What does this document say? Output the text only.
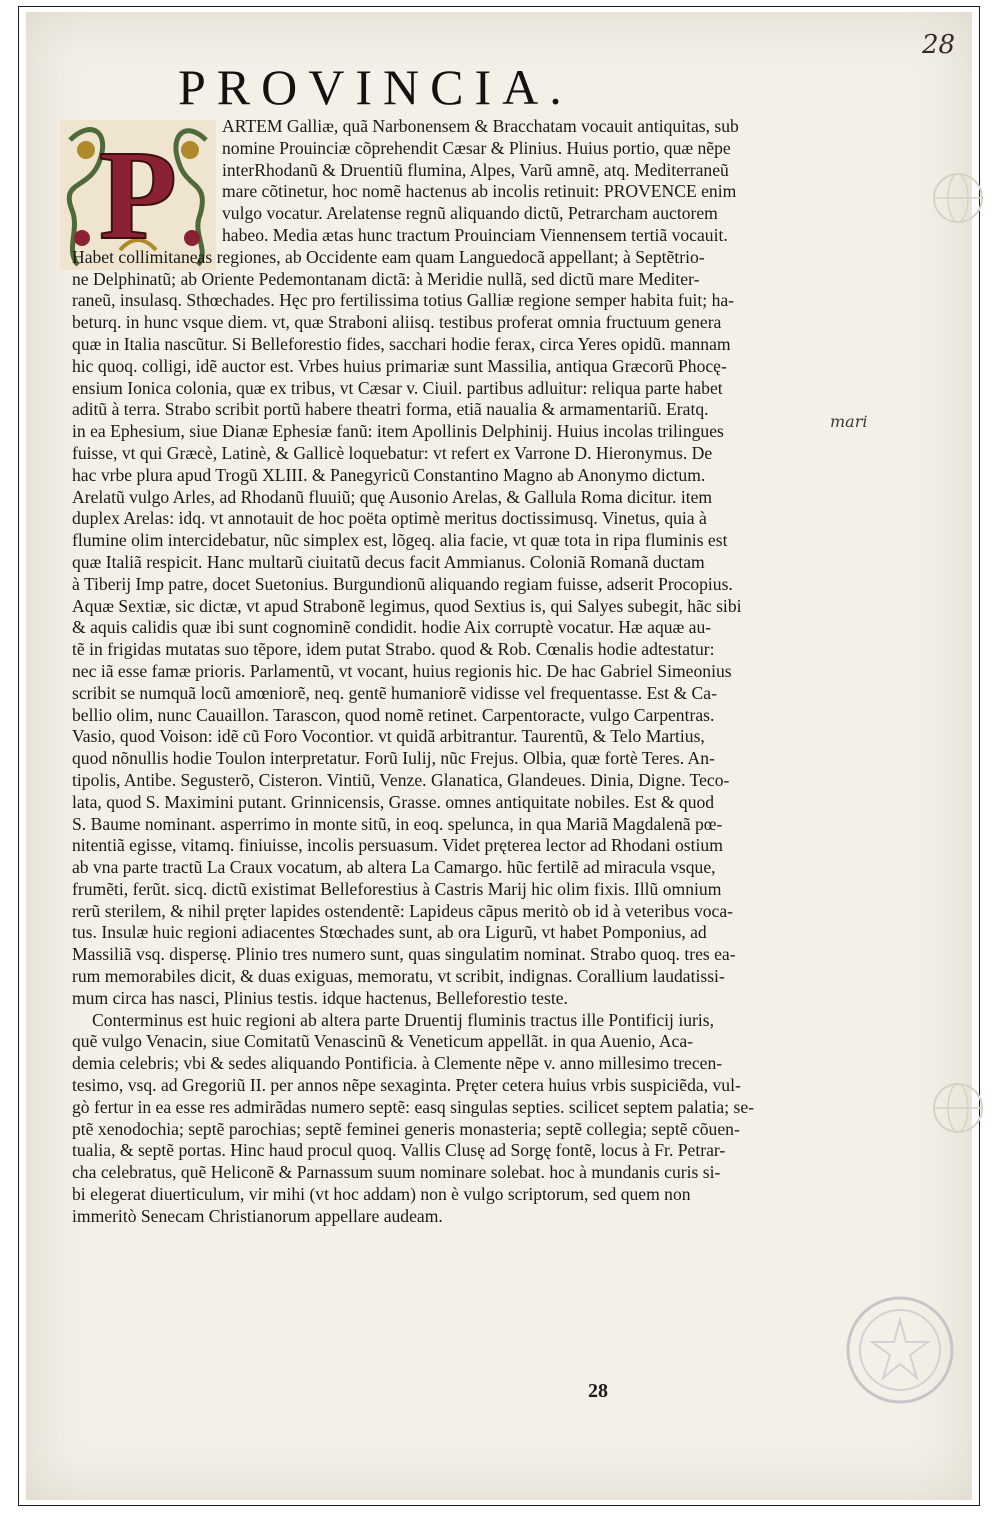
28
PROVINCIA.
P	ARTEM Galliæ, quã Narbonensem & Bracchatam vocauit antiquitas, sub
nomine Prouinciæ cõprehendit Cæsar & Plinius. Huius portio, quæ nẽpe
interRhodanũ & Druentiũ flumina, Alpes, Varũ amnẽ, atq. Mediterraneũ
mare cõtinetur, hoc nomẽ hactenus ab incolis retinuit: PROVENCE enim
vulgo vocatur. Arelatense regnũ aliquando dictũ, Petrarcham auctorem
habeo. Media ætas hunc tractum Prouinciam Viennensem tertiã vocauit.
Habet collimitaneas regiones, ab Occidente eam quam Languedocã appellant; à Septẽtrio-
ne Delphinatũ; ab Oriente Pedemontanam dictã: à Meridie nullã, sed dictũ mare Mediter-
raneũ, insulasq. Sthœchades. Hęc pro fertilissima totius Galliæ regione semper habita fuit; ha-
beturq. in hunc vsque diem. vt, quæ Straboni aliisq. testibus proferat omnia fructuum genera
quæ in Italia nascũtur. Si Belleforestio fides, sacchari hodie ferax, circa Yeres opidũ. mannam
hic quoq. colligi, idẽ auctor est. Vrbes huius primariæ sunt Massilia, antiqua Græcorũ Phocę-
ensium Ionica colonia, quæ ex tribus, vt Cæsar v. Ciuil. partibus adluitur: reliqua parte habet
aditũ à terra. Strabo scribit portũ habere theatri forma, etiã naualia & armamentariũ. Eratq.
in ea Ephesium, siue Dianæ Ephesiæ fanũ: item Apollinis Delphinij. Huius incolas trilingues
fuisse, vt qui Græcè, Latinè, & Gallicè loquebatur: vt refert ex Varrone D. Hieronymus. De
hac vrbe plura apud Trogũ XLIII. & Panegyricũ Constantino Magno ab Anonymo dictum.
Arelatũ vulgo Arles, ad Rhodanũ fluuiũ; quę Ausonio Arelas, & Gallula Roma dicitur. item
duplex Arelas: idq. vt annotauit de hoc poëta optimè meritus doctissimusq. Vinetus, quia à
flumine olim intercidebatur, nũc simplex est, lõgeq. alia facie, vt quæ tota in ripa fluminis est
quæ Italiã respicit. Hanc multarũ ciuitatũ decus facit Ammianus. Coloniã Romanã ductam
à Tiberij Imp patre, docet Suetonius. Burgundionũ aliquando regiam fuisse, adserit Procopius.
Aquæ Sextiæ, sic dictæ, vt apud Strabonẽ legimus, quod Sextius is, qui Salyes subegit, hãc sibi
& aquis calidis quæ ibi sunt cognominẽ condidit. hodie Aix corruptè vocatur. Hæ aquæ au-
tẽ in frigidas mutatas suo tẽpore, idem putat Strabo. quod & Rob. Cœnalis hodie adtestatur:
nec iã esse famæ prioris. Parlamentũ, vt vocant, huius regionis hic. De hac Gabriel Simeonius
scribit se numquã locũ amœniorẽ, neq. gentẽ humaniorẽ vidisse vel frequentasse. Est & Ca-
bellio olim, nunc Cauaillon. Tarascon, quod nomẽ retinet. Carpentoracte, vulgo Carpentras.
Vasio, quod Voison: idẽ cũ Foro Vocontior. vt quidã arbitrantur. Taurentũ, & Telo Martius,
quod nõnullis hodie Toulon interpretatur. Forũ Iulij, nũc Frejus. Olbia, quæ fortè Teres. An-
tipolis, Antibe. Segusterõ, Cisteron. Vintiũ, Venze. Glanatica, Glandeues. Dinia, Digne. Teco-
lata, quod S. Maximini putant. Grinnicensis, Grasse. omnes antiquitate nobiles. Est & quod
S. Baume nominant. asperrimo in monte sitũ, in eoq. spelunca, in qua Mariã Magdalenã pœ-
nitentiã egisse, vitamq. finiuisse, incolis persuasum. Videt pręterea lector ad Rhodani ostium
ab vna parte tractũ La Craux vocatum, ab altera La Camargo. hũc fertilẽ ad miracula vsque,
frumẽti, ferũt. sicq. dictũ existimat Belleforestius à Castris Marij hic olim fixis. Illũ omnium
rerũ sterilem, & nihil pręter lapides ostendentẽ: Lapideus cãpus meritò ob id à veteribus voca-
tus. Insulæ huic regioni adiacentes Stœchades sunt, ab ora Ligurũ, vt habet Pomponius, ad
Massiliã vsq. dispersę. Plinio tres numero sunt, quas singulatim nominat. Strabo quoq. tres ea-
rum memorabiles dicit, & duas exiguas, memoratu, vt scribit, indignas. Corallium laudatissi-
mum circa has nasci, Plinius testis. idque hactenus, Belleforestio teste.

Conterminus est huic regioni ab altera parte Druentij fluminis tractus ille Pontificij iuris,
quẽ vulgo Venacin, siue Comitatũ Venascinũ & Veneticum appellãt. in qua Auenio, Aca-
demia celebris; vbi & sedes aliquando Pontificia. à Clemente nẽpe v. anno millesimo trecen-
tesimo, vsq. ad Gregoriũ II. per annos nẽpe sexaginta. Pręter cetera huius vrbis suspiciẽda, vul-
gò fertur in ea esse res admirãdas numero septẽ: easq singulas septies. scilicet septem palatia; se-
ptẽ xenodochia; septẽ parochias; septẽ feminei generis monasteria; septẽ collegia; septẽ cõuen-
tualia, & septẽ portas. Hinc haud procul quoq. Vallis Clusę ad Sorgę fontẽ, locus à Fr. Petrar-
cha celebratus, quẽ Heliconẽ & Parnassum suum nominare solebat. hoc à mundanis curis si-
bi elegerat diuerticulum, vir mihi (vt hoc addam) non è vulgo scriptorum, sed quem non
immeritò Senecam Christianorum appellare audeam.

mari
28
